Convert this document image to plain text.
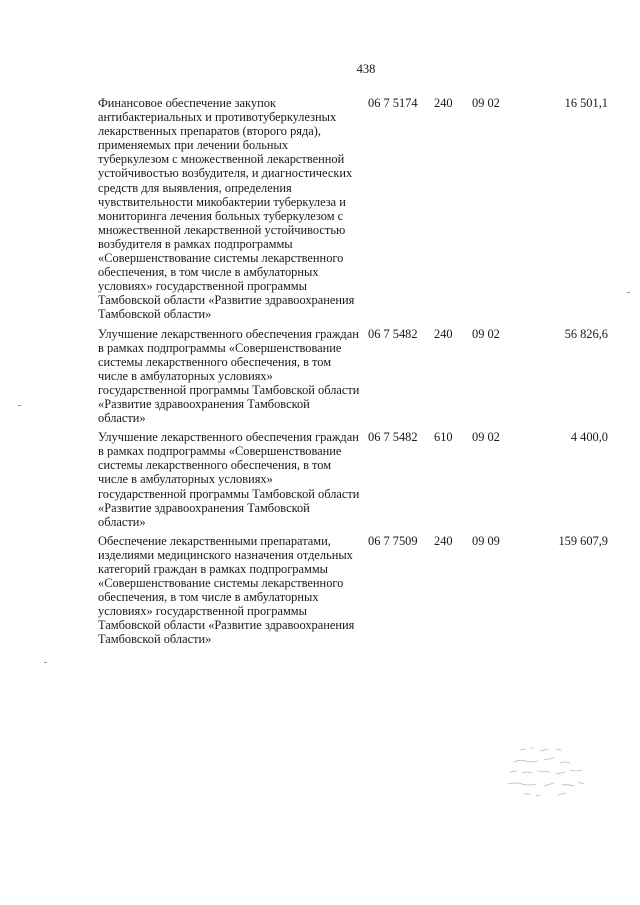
438
Финансовое обеспечение закупок антибактериальных и противотуберкулезных лекарственных препаратов (второго ряда), применяемых при лечении больных туберкулезом с множественной лекарственной устойчивостью возбудителя, и диагностических средств для выявления, определения чувствительности микобактерии туберкулеза и мониторинга лечения больных туберкулезом с множественной лекарственной устойчивостью возбудителя в рамках подпрограммы «Совершенствование системы лекарственного обеспечения, в том числе в амбулаторных условиях» государственной программы Тамбовской области «Развитие здравоохранения Тамбовской области»
06 7 5174 240 09 02	16 501,1
Улучшение лекарственного обеспечения граждан в рамках подпрограммы «Совершенствование системы лекарственного обеспечения, в том числе в амбулаторных условиях» государственной программы Тамбовской области «Развитие здравоохранения Тамбовской области»
06 7 5482 240 09 02	56 826,6
Улучшение лекарственного обеспечения граждан в рамках подпрограммы «Совершенствование системы лекарственного обеспечения, в том числе в амбулаторных условиях» государственной программы Тамбовской области «Развитие здравоохранения Тамбовской области»
06 7 5482 610 09 02	4 400,0
Обеспечение лекарственными препаратами, изделиями медицинского назначения отдельных категорий граждан в рамках подпрограммы «Совершенствование системы лекарственного обеспечения, в том числе в амбулаторных условиях» государственной программы Тамбовской области «Развитие здравоохранения Тамбовской области»
06 7 7509 240 09 09	159 607,9
